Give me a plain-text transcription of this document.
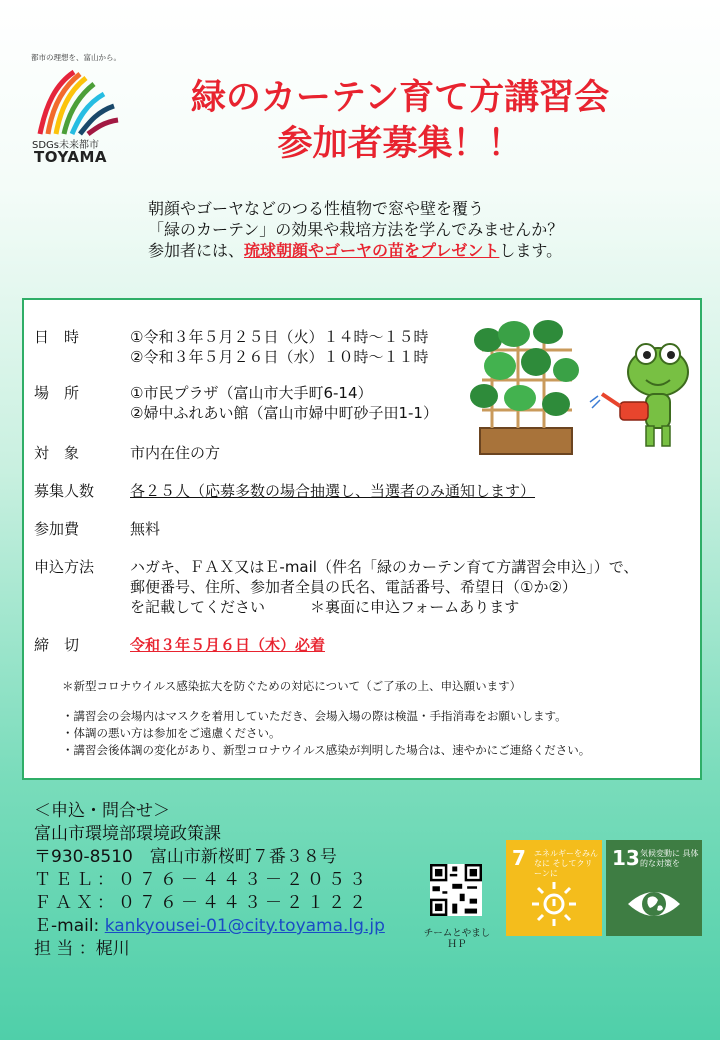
都市の理想を、富山から。
SDGs未来都市
TOYAMA
緑のカーテン育て方講習会
参加者募集！！
朝顔やゴーヤなどのつる性植物で窓や壁を覆う
「緑のカーテン」の効果や栽培方法を学んでみませんか？
参加者には、琉球朝顔やゴーヤの苗をプレゼントします。
日　時	①令和３年５月２５日（火）１４時～１５時
②令和３年５月２６日（水）１０時～１１時
場　所	①市民プラザ（富山市大手町6-14）
②婦中ふれあい館（富山市婦中町砂子田1-1）
対　象	市内在住の方
募集人数	各２５人（応募多数の場合抽選し、当選者のみ通知します）
参加費	無料
申込方法	ハガキ、ＦＡＸ又はＥ-mail（件名「緑のカーテン育て方講習会申込」）で、
郵便番号、住所、参加者全員の氏名、電話番号、希望日（①か②）
を記載してください　　　＊裏面に申込フォームあります
締　切	令和３年５月６日（木）必着
＊新型コロナウイルス感染拡大を防ぐための対応について（ご了承の上、申込願います）
・講習会の会場内はマスクを着用していただき、会場入場の際は検温・手指消毒をお願いします。
・体調の悪い方は参加をご遠慮ください。
・講習会後体調の変化があり、新型コロナウイルス感染が判明した場合は、速やかにご連絡ください。
＜申込・問合せ＞
富山市環境部環境政策課
〒930-8510　富山市新桜町７番３８号
ＴＥＬ：０７６－４４３－２０５３
ＦＡＸ：０７６－４４３－２１２２
Ｅ-mail: kankyousei-01@city.toyama.lg.jp
担 当 ：梶川
チームとやまし
ＨＰ
7 エネルギーをみんなに そしてクリーンに
13 気候変動に 具体的な対策を
